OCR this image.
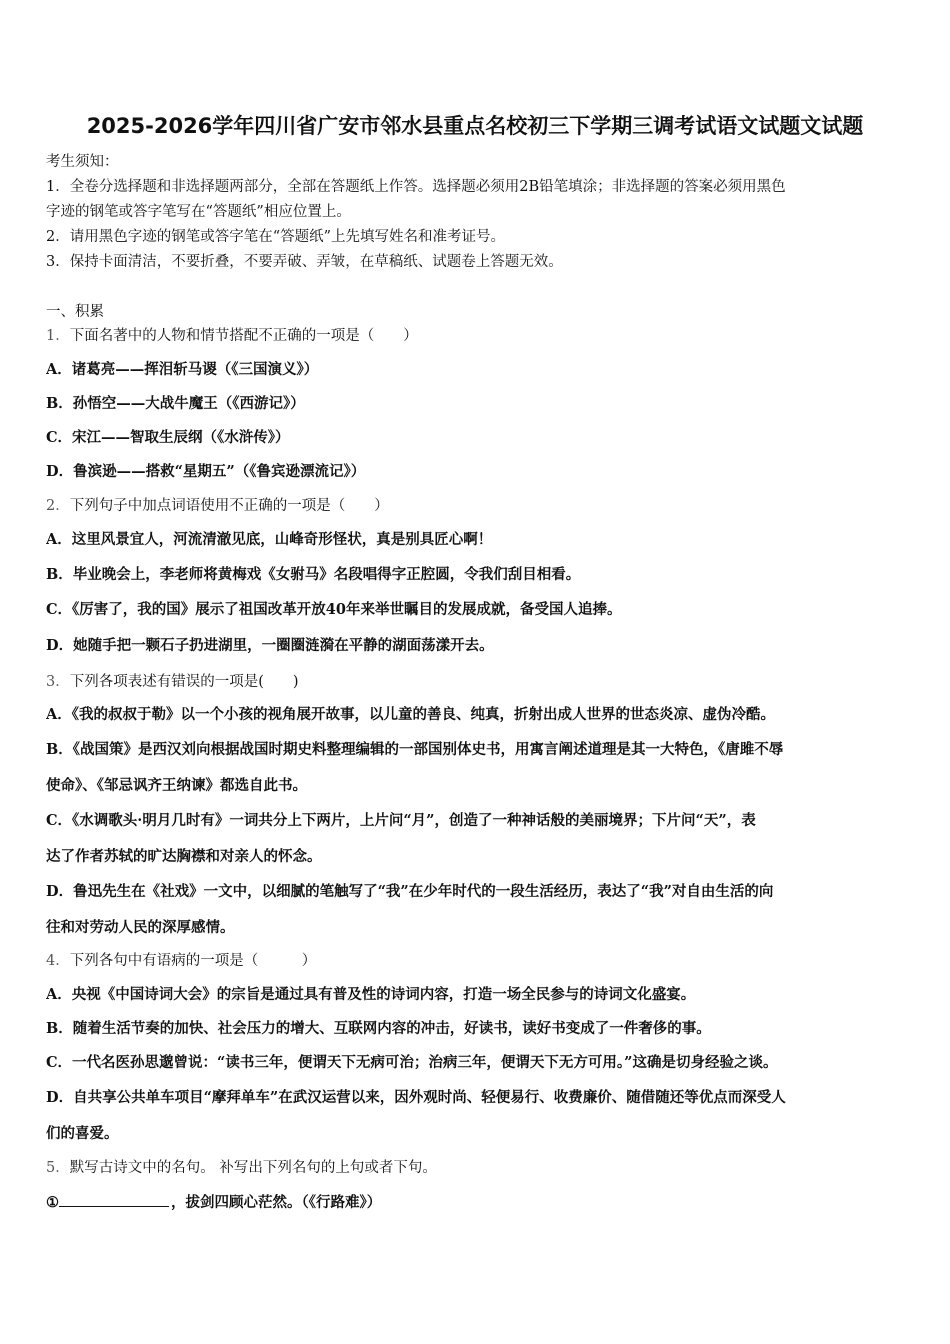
2025-2026学年四川省广安市邻水县重点名校初三下学期三调考试语文试题文试题
考生须知：
1．全卷分选择题和非选择题两部分，全部在答题纸上作答。选择题必须用2B铅笔填涂；非选择题的答案必须用黑色
字迹的钢笔或答字笔写在“答题纸”相应位置上。
2．请用黑色字迹的钢笔或答字笔在“答题纸”上先填写姓名和准考证号。
3．保持卡面清洁，不要折叠，不要弄破、弄皱，在草稿纸、试题卷上答题无效。
一、积累
1．下面名著中的人物和情节搭配不正确的一项是（　　）
A．诸葛亮——挥泪斩马谡（《三国演义》）
B．孙悟空——大战牛魔王（《西游记》）
C．宋江——智取生辰纲（《水浒传》）
D．鲁滨逊——搭救“星期五”（《鲁宾逊漂流记》）
2．下列句子中加点词语使用不正确的一项是（　　）
A．这里风景宜人，河流清澈见底，山峰奇形怪状，真是别具匠心啊！
B．毕业晚会上，李老师将黄梅戏《女驸马》名段唱得字正腔圆，令我们刮目相看。
C．《厉害了，我的国》展示了祖国改革开放40年来举世瞩目的发展成就，备受国人追捧。
D．她随手把一颗石子扔进湖里，一圈圈涟漪在平静的湖面荡漾开去。
3．下列各项表述有错误的一项是(　　)
A．《我的叔叔于勒》以一个小孩的视角展开故事，以儿童的善良、纯真，折射出成人世界的世态炎凉、虚伪冷酷。
B．《战国策》是西汉刘向根据战国时期史料整理编辑的一部国别体史书，用寓言阐述道理是其一大特色，《唐雎不辱
使命》、《邹忌讽齐王纳谏》都选自此书。
C．《水调歌头·明月几时有》一词共分上下两片，上片问“月”，创造了一种神话般的美丽境界；下片问“天”，表
达了作者苏轼的旷达胸襟和对亲人的怀念。
D．鲁迅先生在《社戏》一文中，以细腻的笔触写了“我”在少年时代的一段生活经历，表达了“我”对自由生活的向
往和对劳动人民的深厚感情。
4．下列各句中有语病的一项是（　　　）
A．央视《中国诗词大会》的宗旨是通过具有普及性的诗词内容，打造一场全民参与的诗词文化盛宴。
B．随着生活节奏的加快、社会压力的增大、互联网内容的冲击，好读书，读好书变成了一件奢侈的事。
C．一代名医孙思邈曾说：“读书三年，便谓天下无病可治；治病三年，便谓天下无方可用。”这确是切身经验之谈。
D．自共享公共单车项目“摩拜单车”在武汉运营以来，因外观时尚、轻便易行、收费廉价、随借随还等优点而深受人
们的喜爱。
5．默写古诗文中的名句。 补写出下列名句的上句或者下句。
①	，拔剑四顾心茫然。（《行路难》）
